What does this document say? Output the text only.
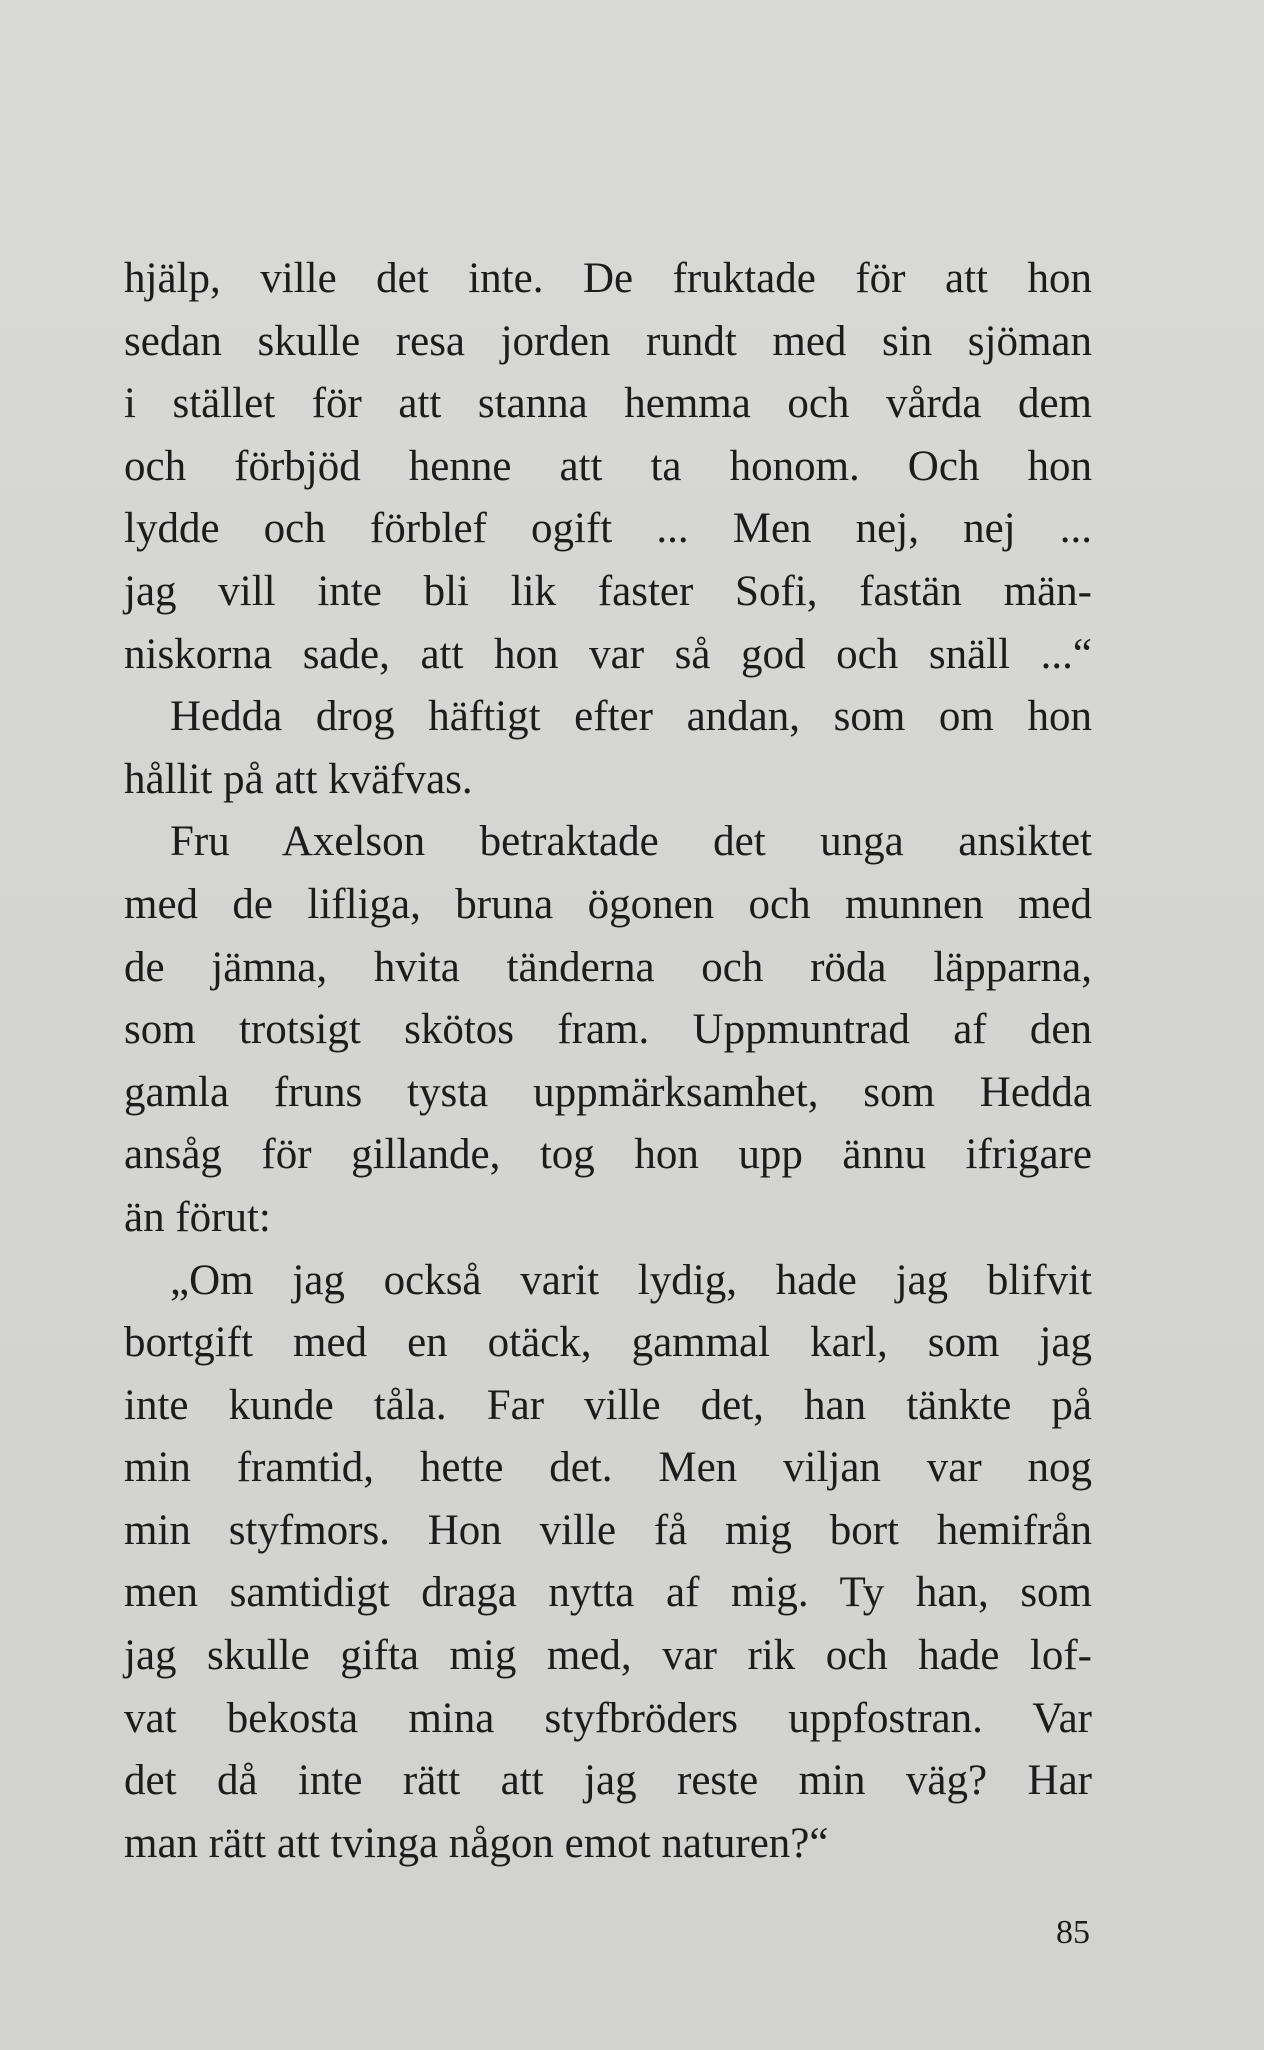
hjälp, ville det inte. De fruktade för att hon
sedan skulle resa jorden rundt med sin sjöman
i stället för att stanna hemma och vårda dem
och förbjöd henne att ta honom. Och hon
lydde och förblef ogift ... Men nej, nej ...
jag vill inte bli lik faster Sofi, fastän män-
niskorna sade, att hon var så god och snäll ...“
Hedda drog häftigt efter andan, som om hon
hållit på att kväfvas.
Fru Axelson betraktade det unga ansiktet
med de lifliga, bruna ögonen och munnen med
de jämna, hvita tänderna och röda läpparna,
som trotsigt skötos fram. Uppmuntrad af den
gamla fruns tysta uppmärksamhet, som Hedda
ansåg för gillande, tog hon upp ännu ifrigare
än förut:
„Om jag också varit lydig, hade jag blifvit
bortgift med en otäck, gammal karl, som jag
inte kunde tåla. Far ville det, han tänkte på
min framtid, hette det. Men viljan var nog
min styfmors. Hon ville få mig bort hemifrån
men samtidigt draga nytta af mig. Ty han, som
jag skulle gifta mig med, var rik och hade lof-
vat bekosta mina styfbröders uppfostran. Var
det då inte rätt att jag reste min väg? Har
man rätt att tvinga någon emot naturen?“
85
